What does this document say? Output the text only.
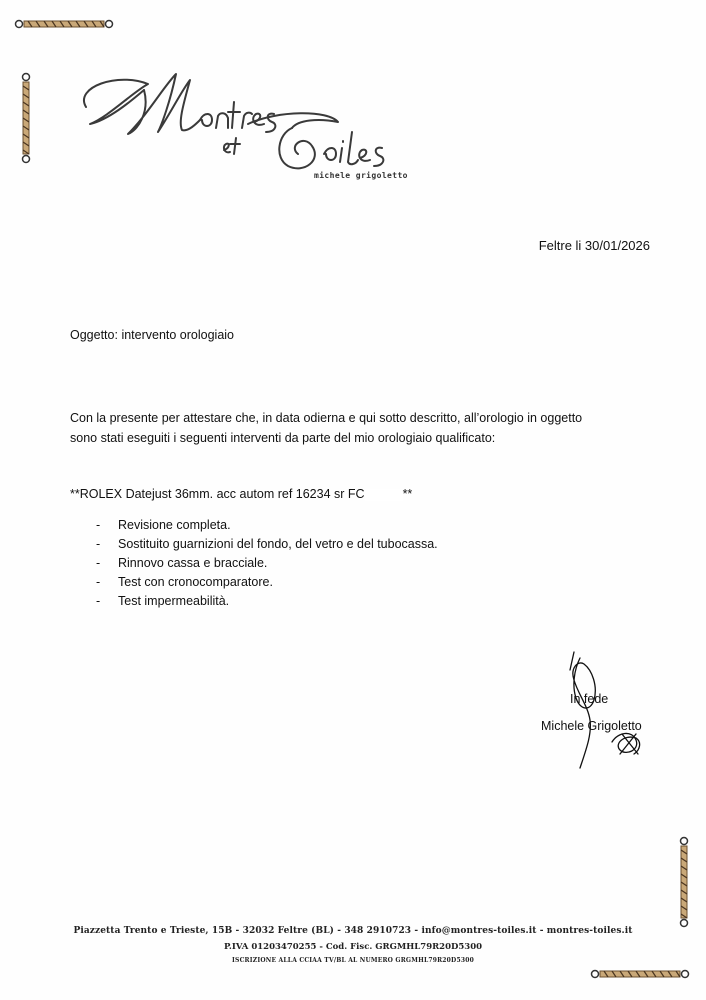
michele grigoletto
Feltre li 30/01/2026
Oggetto: intervento orologiaio
Con la presente per attestare che, in data odierna e qui sotto descritto, all’orologio in oggetto
sono stati eseguiti i seguenti interventi da parte del mio orologiaio qualificato:
**ROLEX Datejust 36mm. acc autom ref 16234 sr FC	**
- Revisione completa.
- Sostituito guarnizioni del fondo, del vetro e del tubocassa.
- Rinnovo cassa e bracciale.
- Test con cronocomparatore.
- Test impermeabilità.
In fede
Michele Grigoletto
Piazzetta Trento e Trieste, 15B - 32032 Feltre (BL) - 348 2910723 - info@montres-toiles.it - montres-toiles.it
P.IVA 01203470255 - Cod. Fisc. GRGMHL79R20D5300
ISCRIZIONE ALLA CCIAA TV/BL AL NUMERO GRGMHL79R20D5300
